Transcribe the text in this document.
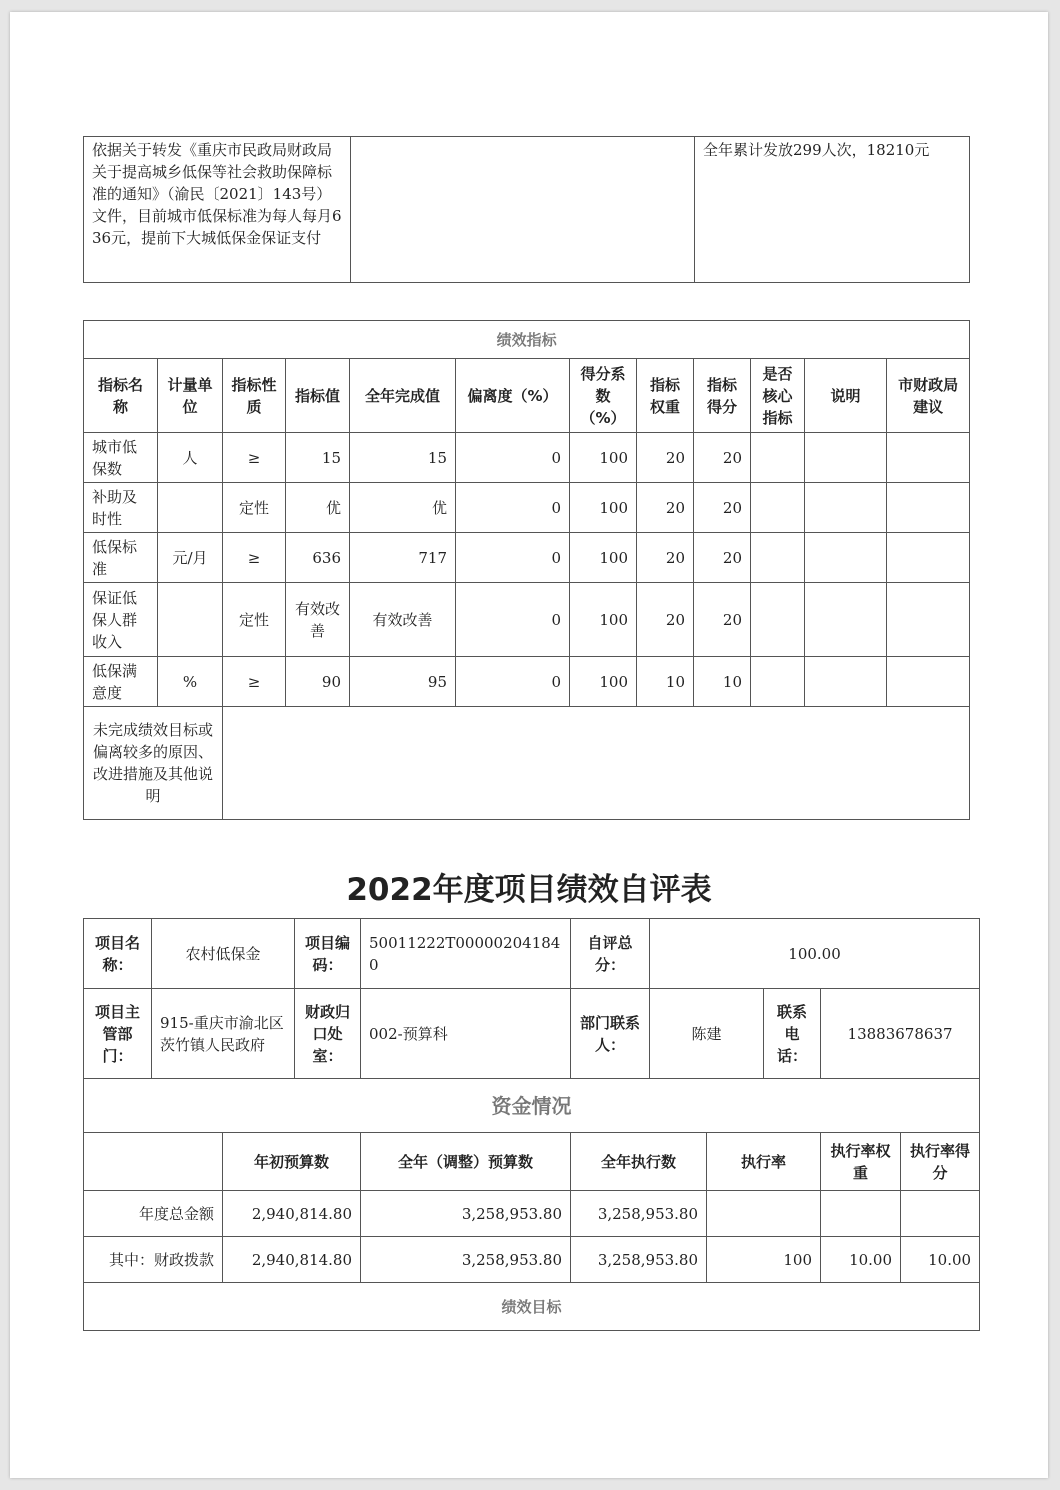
依据关于转发《重庆市民政局财政局关于提高城乡低保等社会救助保障标准的通知》（渝民〔2021〕143号）文件，目前城市低保标准为每人每月636元，提前下大城低保金保证支付		全年累计发放299人次，18210元
绩效指标											
指标名称	计量单位	指标性质	指标值	全年完成值	偏离度（%）	得分系数（%）	指标权重	指标得分	是否核心指标	说明	市财政局建议
城市低保数	人	≥	15	15	0	100	20	20			
补助及时性		定性	优	优	0	100	20	20			
低保标准	元/月	≥	636	717	0	100	20	20			
保证低保人群收入		定性	有效改善	有效改善	0	100	20	20			
低保满意度	%	≥	90	95	0	100	10	10			
未完成绩效目标或偏离较多的原因、改进措施及其他说明											
2022年度项目绩效自评表
项目名称：	农村低保金		项目编码：	50011222T000002041840	自评总分：	100.00				
项目主管部门：	915-重庆市渝北区茨竹镇人民政府		财政归口处室：	002-预算科	部门联系人：	陈建		联系电话：	13883678637	
资金情况										
		年初预算数		全年（调整）预算数	全年执行数		执行率		执行率权重	执行率得分
年度总金额		2,940,814.80		3,258,953.80	3,258,953.80					
其中：财政拨款		2,940,814.80		3,258,953.80	3,258,953.80		100		10.00	10.00
绩效目标										
